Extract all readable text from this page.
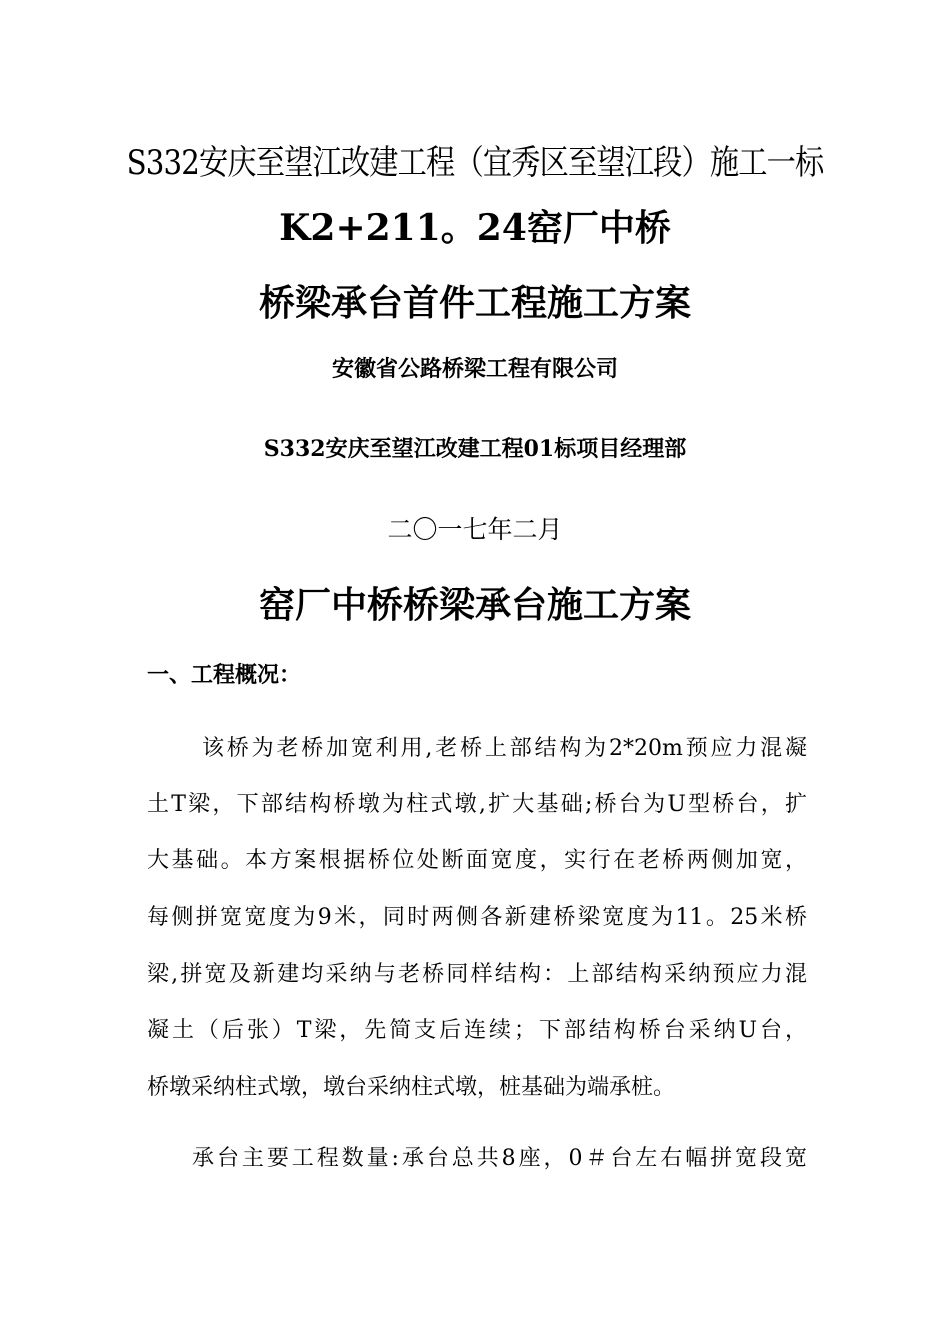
S332安庆至望江改建工程（宜秀区至望江段）施工一标
K2+211。24窑厂中桥
桥梁承台首件工程施工方案
安徽省公路桥梁工程有限公司
S332安庆至望江改建工程01标项目经理部
二〇一七年二月
窑厂中桥桥梁承台施工方案
一、工程概况：
该桥为老桥加宽利用,老桥上部结构为2*20m预应力混凝
土T梁，下部结构桥墩为柱式墩,扩大基础;桥台为U型桥台，扩
大基础。本方案根据桥位处断面宽度，实行在老桥两侧加宽，
每侧拼宽宽度为9米，同时两侧各新建桥梁宽度为11。25米桥
梁,拼宽及新建均采纳与老桥同样结构：上部结构采纳预应力混
凝土（后张）T梁，先简支后连续；下部结构桥台采纳U台，
桥墩采纳柱式墩，墩台采纳柱式墩，桩基础为端承桩。
承台主要工程数量:承台总共8座，0＃台左右幅拼宽段宽
